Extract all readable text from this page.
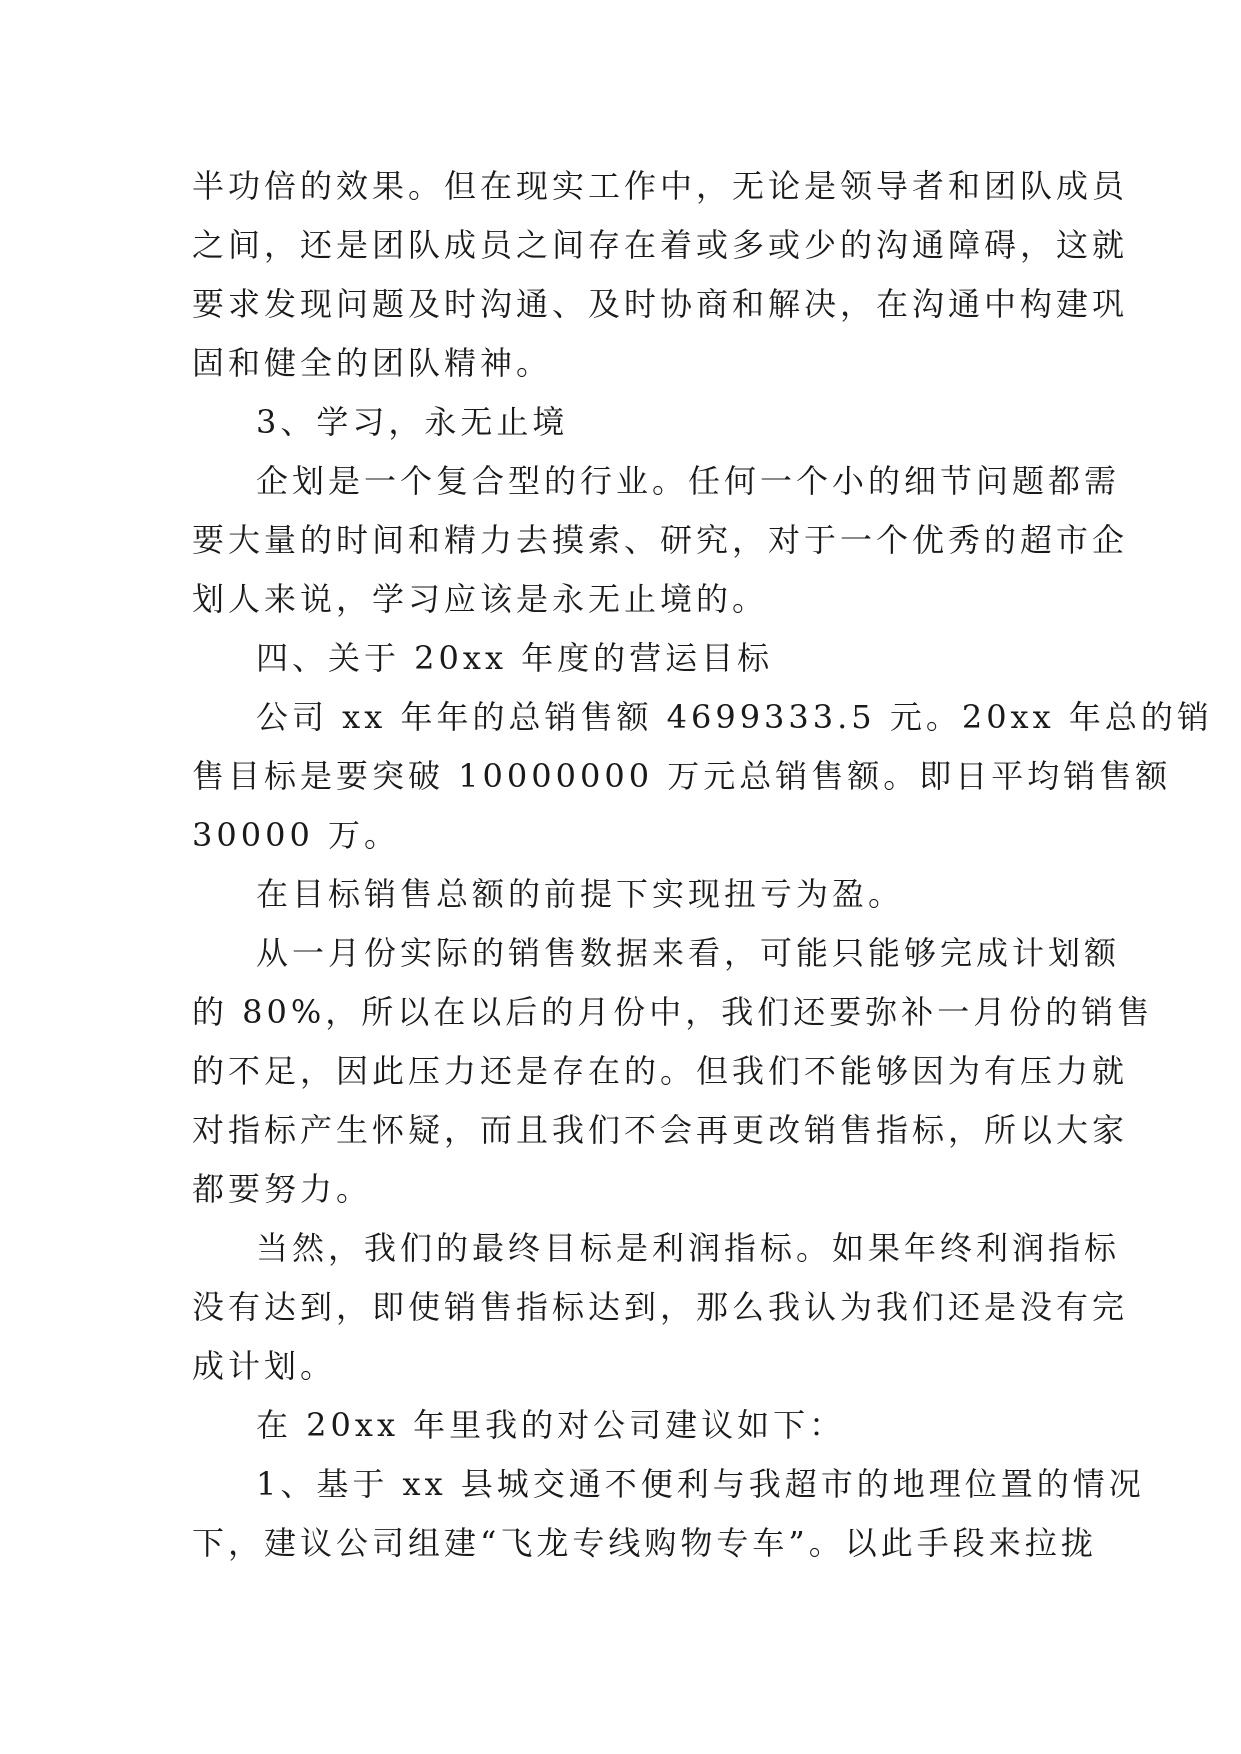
半功倍的效果。但在现实工作中，无论是领导者和团队成员
之间，还是团队成员之间存在着或多或少的沟通障碍，这就
要求发现问题及时沟通、及时协商和解决，在沟通中构建巩
固和健全的团队精神。
3、学习，永无止境
企划是一个复合型的行业。任何一个小的细节问题都需
要大量的时间和精力去摸索、研究，对于一个优秀的超市企
划人来说，学习应该是永无止境的。
四、关于 20xx 年度的营运目标
公司 xx 年年的总销售额 4699333.5 元。20xx 年总的销
售目标是要突破 10000000 万元总销售额。即日平均销售额
30000 万。
在目标销售总额的前提下实现扭亏为盈。
从一月份实际的销售数据来看，可能只能够完成计划额
的 80%，所以在以后的月份中，我们还要弥补一月份的销售
的不足，因此压力还是存在的。但我们不能够因为有压力就
对指标产生怀疑，而且我们不会再更改销售指标，所以大家
都要努力。
当然，我们的最终目标是利润指标。如果年终利润指标
没有达到，即使销售指标达到，那么我认为我们还是没有完
成计划。
在 20xx 年里我的对公司建议如下：
1、基于 xx 县城交通不便利与我超市的地理位置的情况
下，建议公司组建“飞龙专线购物专车”。以此手段来拉拢
